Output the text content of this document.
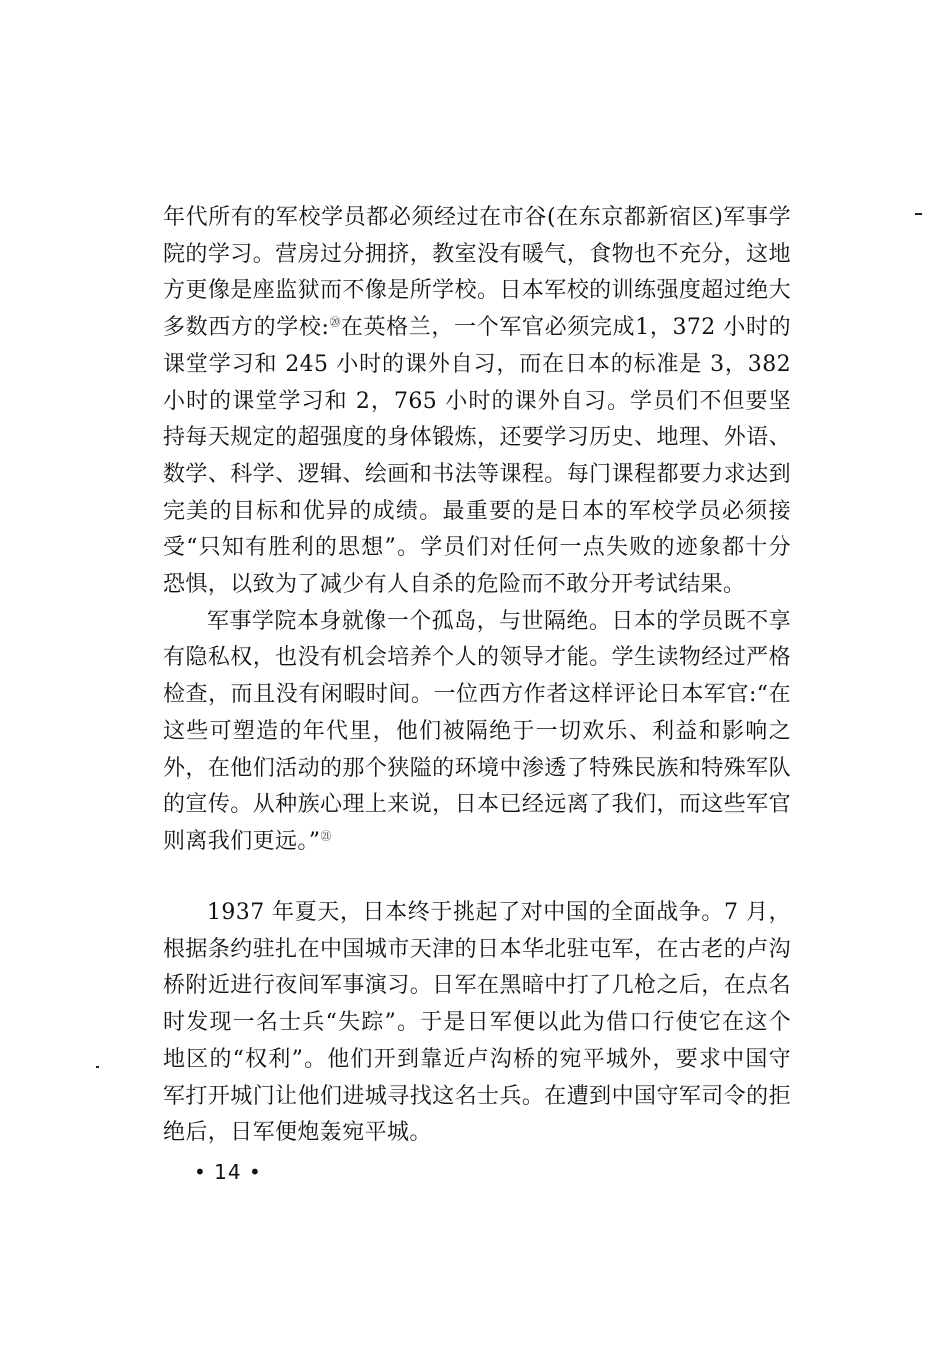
年代所有的军校学员都必须经过在市谷(在东京都新宿区)军事学院的学习。营房过分拥挤，教室没有暖气，食物也不充分，这地方更像是座监狱而不像是所学校。日本军校的训练强度超过绝大多数西方的学校:⑳在英格兰，一个军官必须完成1，372 小时的课堂学习和 245 小时的课外自习，而在日本的标准是 3，382 小时的课堂学习和 2，765 小时的课外自习。学员们不但要坚持每天规定的超强度的身体锻炼，还要学习历史、地理、外语、数学、科学、逻辑、绘画和书法等课程。每门课程都要力求达到完美的目标和优异的成绩。最重要的是日本的军校学员必须接受“只知有胜利的思想”。学员们对任何一点失败的迹象都十分恐惧，以致为了减少有人自杀的危险而不敢分开考试结果。

军事学院本身就像一个孤岛，与世隔绝。日本的学员既不享有隐私权，也没有机会培养个人的领导才能。学生读物经过严格检查，而且没有闲暇时间。一位西方作者这样评论日本军官:“在这些可塑造的年代里，他们被隔绝于一切欢乐、利益和影响之外，在他们活动的那个狭隘的环境中渗透了特殊民族和特殊军队的宣传。从种族心理上来说，日本已经远离了我们，而这些军官则离我们更远。”$^㉑$

1937 年夏天，日本终于挑起了对中国的全面战争。7 月，根据条约驻扎在中国城市天津的日本华北驻屯军，在古老的卢沟桥附近进行夜间军事演习。日军在黑暗中打了几枪之后，在点名时发现一名士兵“失踪”。于是日军便以此为借口行使它在这个地区的“权利”。他们开到靠近卢沟桥的宛平城外，要求中国守军打开城门让他们进城寻找这名士兵。在遭到中国守军司令的拒绝后，日军便炮轰宛平城。

• 14 •
